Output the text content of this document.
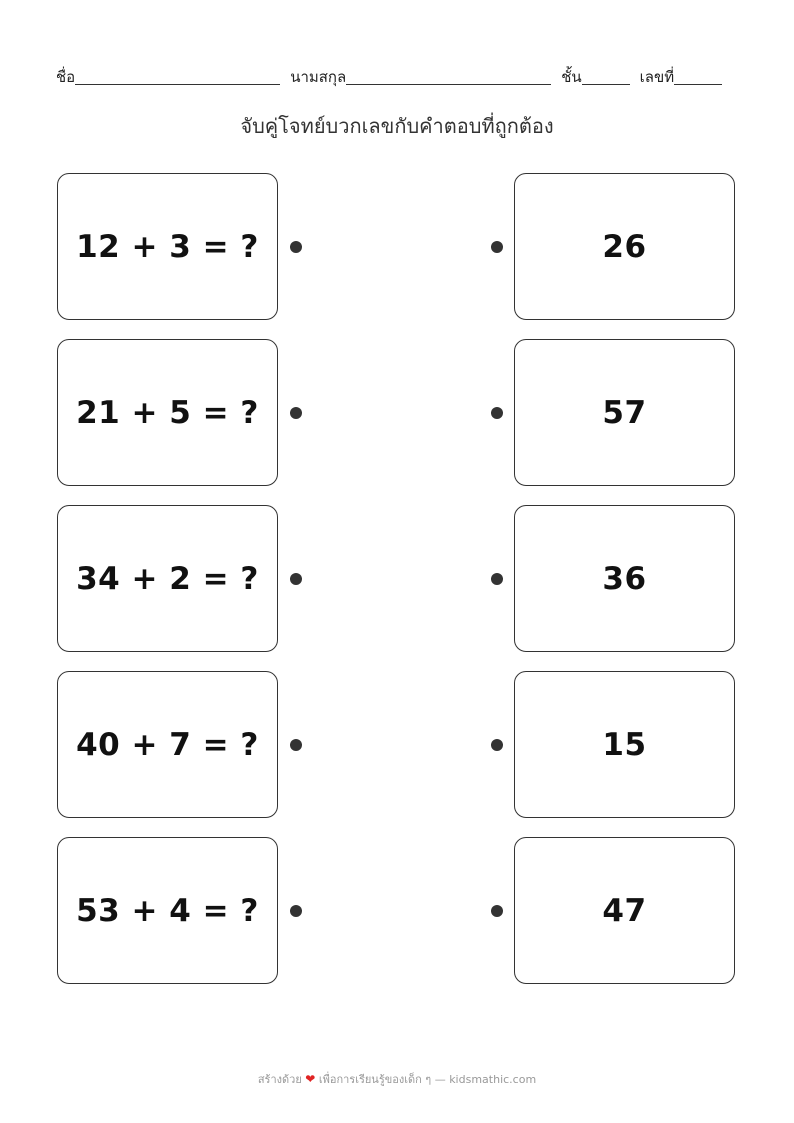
ชื่อ	นามสกุล	ชั้น	เลขที่
จับคู่โจทย์บวกเลขกับคำตอบที่ถูกต้อง
12 + 3 = ?	26
21 + 5 = ?	57
34 + 2 = ?	36
40 + 7 = ?	15
53 + 4 = ?	47
สร้างด้วย ❤ เพื่อการเรียนรู้ของเด็ก ๆ — kidsmathic.com
